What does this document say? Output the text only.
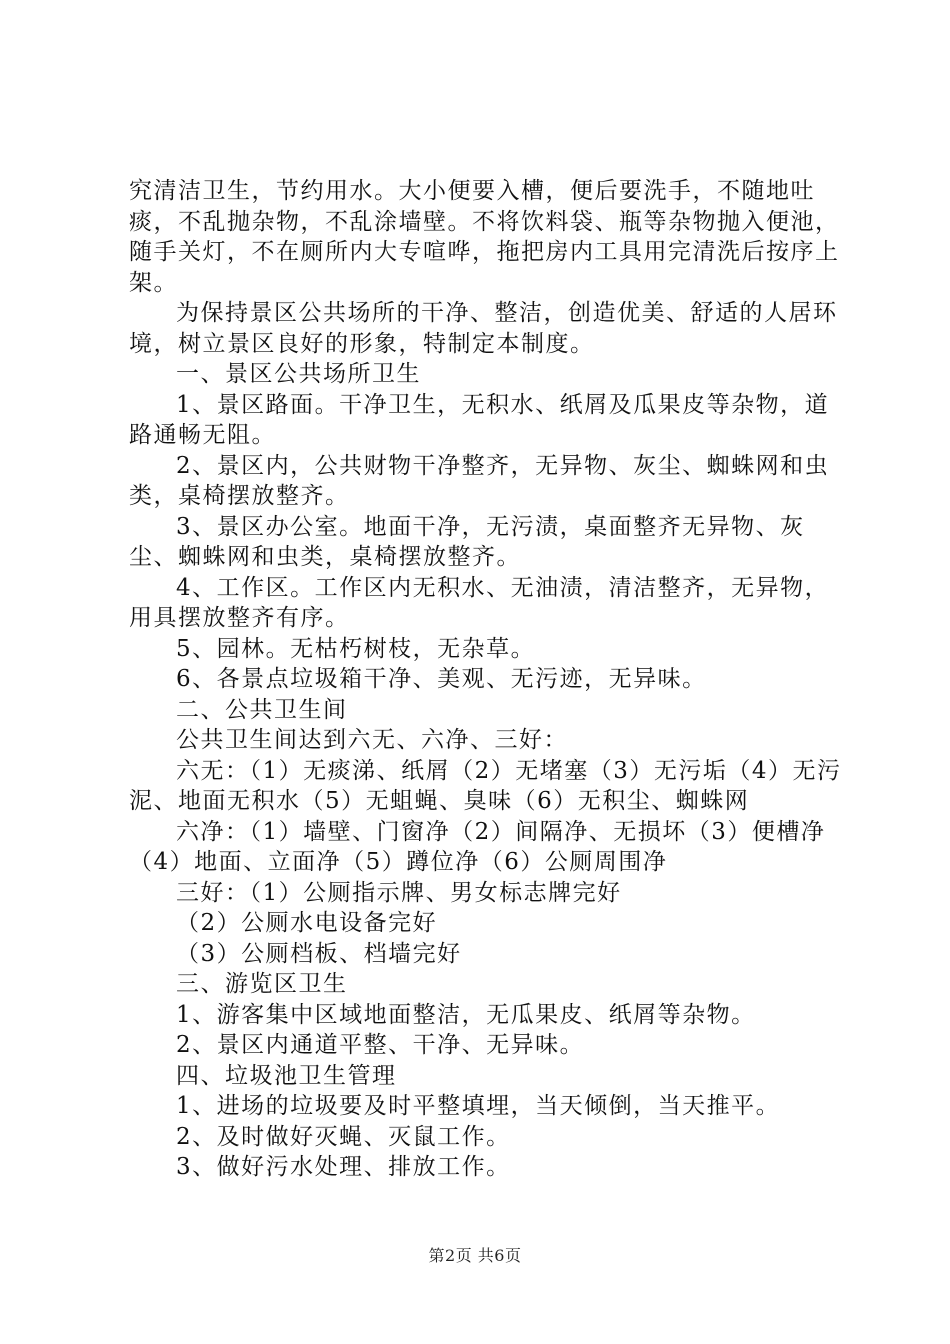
究清洁卫生，节约用水。大小便要入槽，便后要洗手，不随地吐痰，不乱抛杂物，不乱涂墙壁。不将饮料袋、瓶等杂物抛入便池，随手关灯，不在厕所内大专喧哗，拖把房内工具用完清洗后按序上架。

为保持景区公共场所的干净、整洁，创造优美、舒适的人居环境，树立景区良好的形象，特制定本制度。

一、景区公共场所卫生

1、景区路面。干净卫生，无积水、纸屑及瓜果皮等杂物，道路通畅无阻。

2、景区内，公共财物干净整齐，无异物、灰尘、蜘蛛网和虫类，桌椅摆放整齐。

3、景区办公室。地面干净，无污渍，桌面整齐无异物、灰尘、蜘蛛网和虫类，桌椅摆放整齐。

4、工作区。工作区内无积水、无油渍，清洁整齐，无异物，用具摆放整齐有序。

5、园林。无枯朽树枝，无杂草。

6、各景点垃圾箱干净、美观、无污迹，无异味。

二、公共卫生间

公共卫生间达到六无、六净、三好：

六无：（1）无痰涕、纸屑（2）无堵塞（3）无污垢（4）无污泥、地面无积水（5）无蛆蝇、臭味（6）无积尘、蜘蛛网

六净：（1）墙壁、门窗净（2）间隔净、无损坏（3）便槽净（4）地面、立面净（5）蹲位净（6）公厕周围净

三好：（1）公厕指示牌、男女标志牌完好

（2）公厕水电设备完好

（3）公厕档板、档墙完好

三、游览区卫生

1、游客集中区域地面整洁，无瓜果皮、纸屑等杂物。

2、景区内通道平整、干净、无异味。

四、垃圾池卫生管理

1、进场的垃圾要及时平整填埋，当天倾倒，当天推平。

2、及时做好灭蝇、灭鼠工作。

3、做好污水处理、排放工作。

第2页 共6页
